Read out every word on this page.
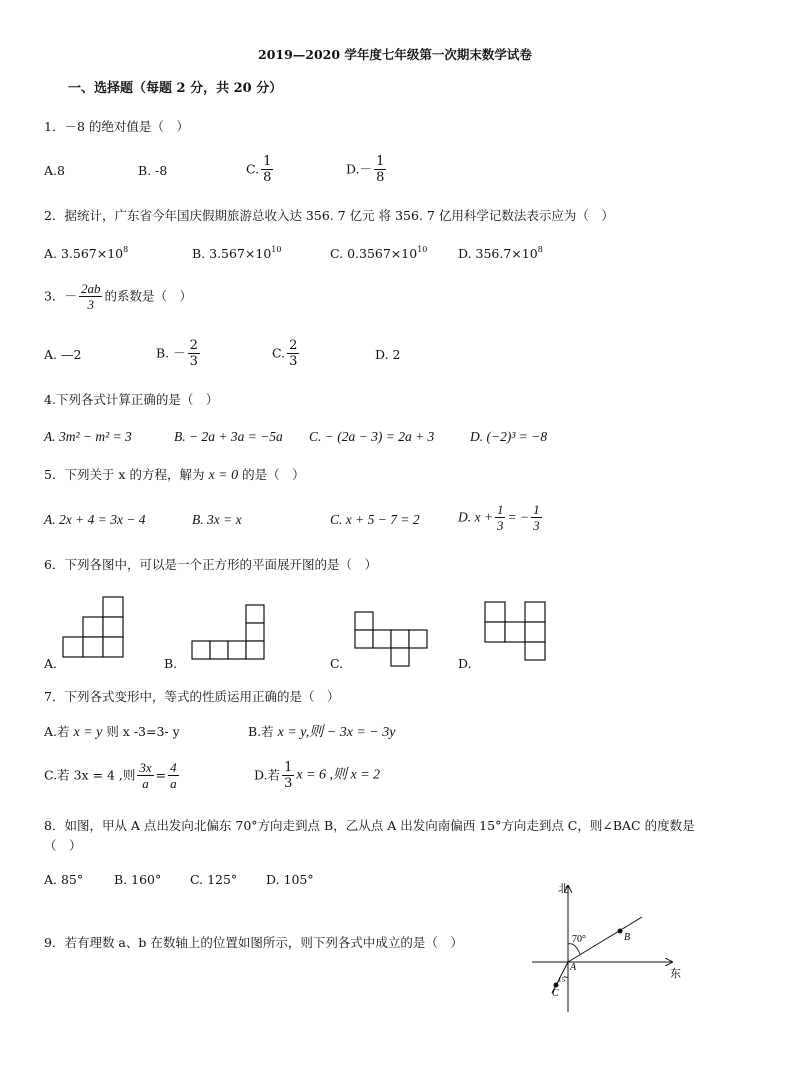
2019—2020 学年度七年级第一次期末数学试卷
一、选择题（每题 2 分，共 20 分）
1．－8 的绝对值是（　）
A.8	B. -8	C. $\frac{1}{8}$	$D.- \frac{1}{8}$
2．据统计，广东省今年国庆假期旅游总收入达 356. 7 亿元 将 356. 7 亿用科学记数法表示应为（　）
A. $3.567\times 10^8$	B. $3.567\times 10^{10}$	C. $0.3567\times 10^{10}$ D. $356.7\times 10^8$
3．－ $\frac{2ab}{3}$ 的系数是（　）
A. —2	B. － $\frac{2}{3}$	C. $\frac{2}{3}$	D. 2
4.下列各式计算正确的是（　）
A. 3m² − m² = 3	B. − 2a + 3a = −5a C. − (2a − 3) = 2a + 3	D. (−2)³ = −8
5．下列关于 x 的方程，解为 x = 0 的是（　）
A. 2x + 4 = 3x − 4	B. 3x = x	C. x + 5 − 7 = 2	D. $x + \frac{1}{3}$ = − $\frac{1}{3}$
6．下列各图中，可以是一个正方形的平面展开图的是（　）
A.	B.	C.	D.
7．下列各式变形中，等式的性质运用正确的是（　）
A.若 x = y 则 x -3=3- y	B.若 x = y,则 − 3x = − 3y
C.若 3x = 4 ,则 $\frac{3x}{a} = \frac{4}{a}$	D.若 $\frac{1}{3}$ x = 6 ,则 x = 2
8．如图，甲从 A 点出发向北偏东 70°方向走到点 B，乙从点 A 出发向南偏西 15°方向走到点 C，则∠BAC 的度数是
（　）
A. 85° B. 160° C. 125° D. 105°
9．若有理数 a、b 在数轴上的位置如图所示，则下列各式中成立的是（　）
北
东
70°
15
A
B
C
